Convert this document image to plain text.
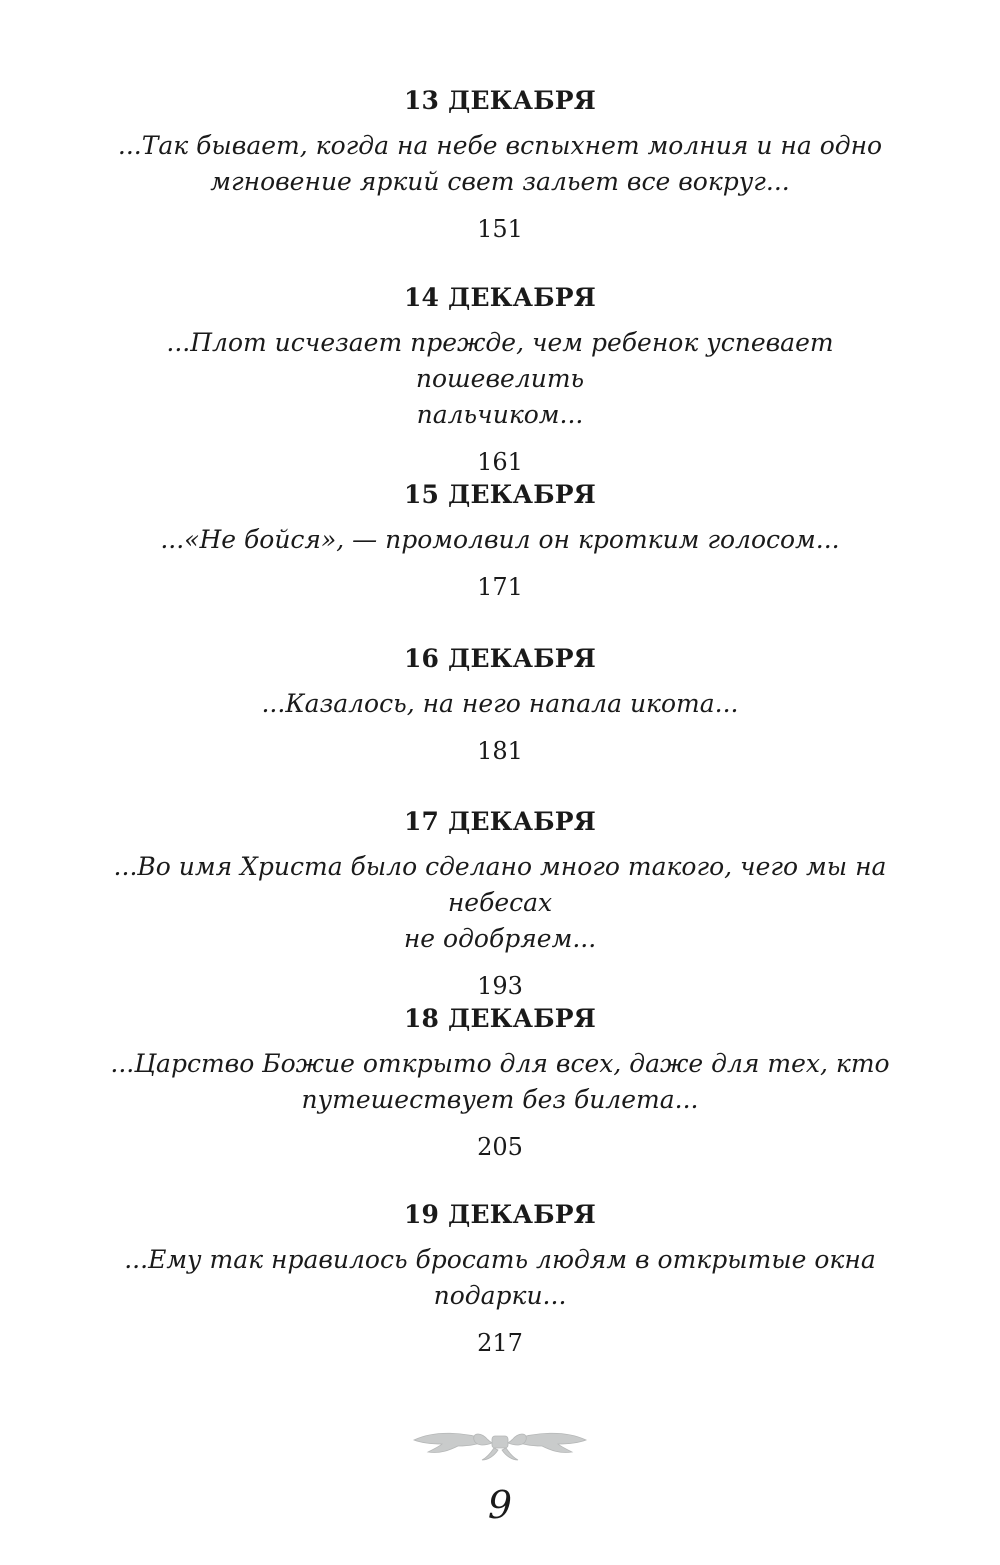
13 ДЕКАБРЯ
...Так бывает, когда на небе вспыхнет молния и на одно
мгновение яркий свет зальет все вокруг...
151
14 ДЕКАБРЯ
...Плот исчезает прежде, чем ребенок успевает пошевелить
пальчиком...
161
15 ДЕКАБРЯ
...«Не бойся», — промолвил он кротким голосом...
171
16 ДЕКАБРЯ
...Казалось, на него напала икота...
181
17 ДЕКАБРЯ
...Во имя Христа было сделано много такого, чего мы на небесах
не одобряем...
193
18 ДЕКАБРЯ
...Царство Божие открыто для всех, даже для тех, кто
путешествует без билета...
205
19 ДЕКАБРЯ
...Ему так нравилось бросать людям в открытые окна
подарки...
217
9
